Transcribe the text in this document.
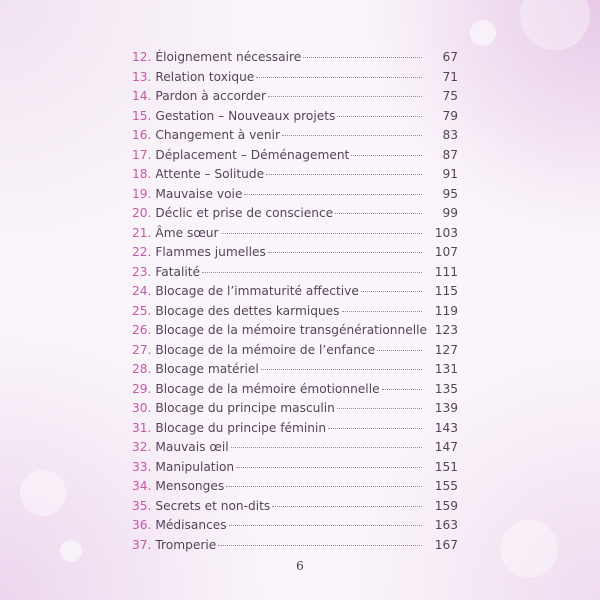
12. Éloignement nécessaire	67
13. Relation toxique	71
14. Pardon à accorder	75
15. Gestation – Nouveaux projets	79
16. Changement à venir	83
17. Déplacement – Déménagement	87
18. Attente – Solitude	91
19. Mauvaise voie	95
20. Déclic et prise de conscience	99
21. Âme sœur	103
22. Flammes jumelles	107
23. Fatalité	111
24. Blocage de l’immaturité affective	115
25. Blocage des dettes karmiques	119
26. Blocage de la mémoire transgénérationnelle 123
27. Blocage de la mémoire de l’enfance	127
28. Blocage matériel	131
29. Blocage de la mémoire émotionnelle	135
30. Blocage du principe masculin	139
31. Blocage du principe féminin	143
32. Mauvais œil	147
33. Manipulation	151
34. Mensonges	155
35. Secrets et non-dits	159
36. Médisances	163
37. Tromperie	167
6
